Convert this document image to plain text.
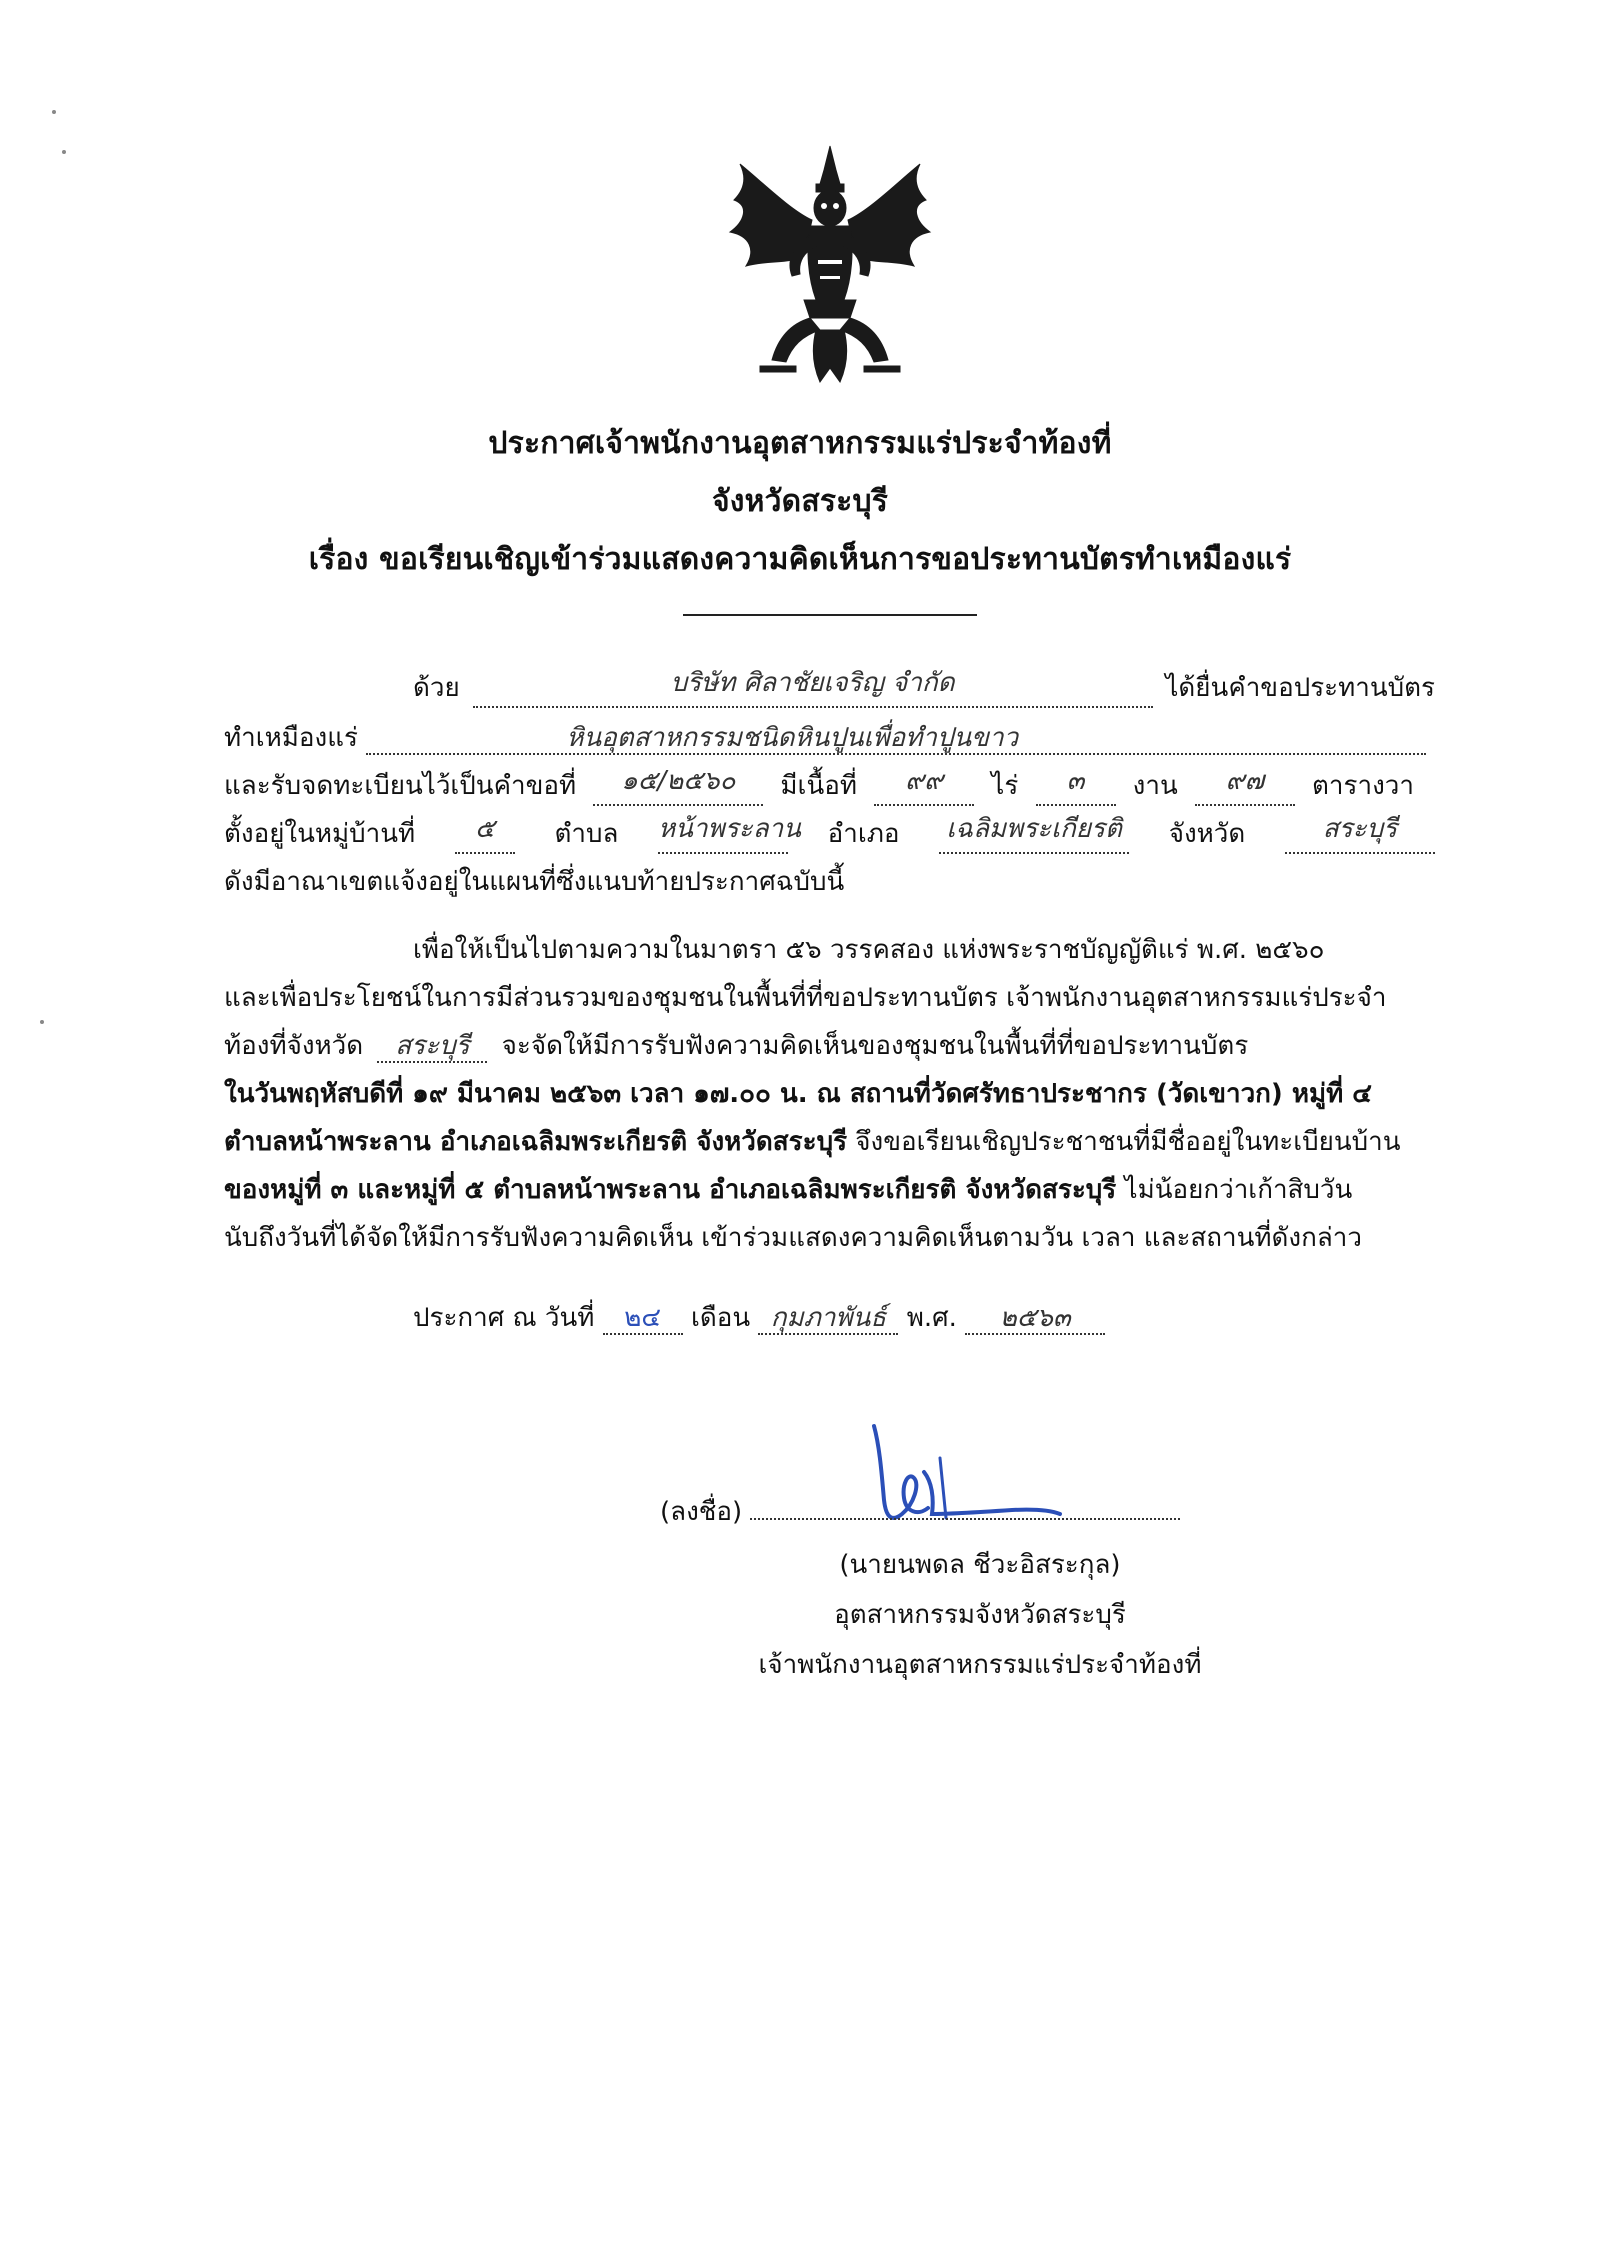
ประกาศเจ้าพนักงานอุตสาหกรรมแร่ประจำท้องที่
จังหวัดสระบุรี
เรื่อง ขอเรียนเชิญเข้าร่วมแสดงความคิดเห็นการขอประทานบัตรทำเหมืองแร่
ด้วย	บริษัท ศิลาชัยเจริญ จำกัด	ได้ยื่นคำขอประทานบัตร
ทำเหมืองแร่	หินอุตสาหกรรมชนิดหินปูนเพื่อทำปูนขาว
และรับจดทะเบียนไว้เป็นคำขอที่	๑๕/๒๕๖๐	มีเนื้อที่	๙๙	ไร่	๓	งาน	๙๗	ตารางวา
ตั้งอยู่ในหมู่บ้านที่	๕	ตำบล หน้าพระลาน อำเภอ เฉลิมพระเกียรติ จังหวัด	สระบุรี
ดังมีอาณาเขตแจ้งอยู่ในแผนที่ซึ่งแนบท้ายประกาศฉบับนี้
เพื่อให้เป็นไปตามความในมาตรา ๕๖ วรรคสอง แห่งพระราชบัญญัติแร่ พ.ศ. ๒๕๖๐
และเพื่อประโยชน์ในการมีส่วนรวมของชุมชนในพื้นที่ที่ขอประทานบัตร เจ้าพนักงานอุตสาหกรรมแร่ประจำ
ท้องที่จังหวัด สระบุรี จะจัดให้มีการรับฟังความคิดเห็นของชุมชนในพื้นที่ที่ขอประทานบัตร
ในวันพฤหัสบดีที่ ๑๙ มีนาคม ๒๕๖๓ เวลา ๑๗.๐๐ น. ณ สถานที่วัดศรัทธาประชากร (วัดเขาวก) หมู่ที่ ๔
ตำบลหน้าพระลาน อำเภอเฉลิมพระเกียรติ จังหวัดสระบุรี จึงขอเรียนเชิญประชาชนที่มีชื่ออยู่ในทะเบียนบ้าน
ของหมู่ที่ ๓ และหมู่ที่ ๕ ตำบลหน้าพระลาน อำเภอเฉลิมพระเกียรติ จังหวัดสระบุรี ไม่น้อยกว่าเก้าสิบวัน
นับถึงวันที่ได้จัดให้มีการรับฟังความคิดเห็น เข้าร่วมแสดงความคิดเห็นตามวัน เวลา และสถานที่ดังกล่าว
ประกาศ ณ วันที่ ๒๔ เดือน กุมภาพันธ์ พ.ศ. ๒๕๖๓
(ลงชื่อ)
(นายนพดล ชีวะอิสระกุล)
อุตสาหกรรมจังหวัดสระบุรี
เจ้าพนักงานอุตสาหกรรมแร่ประจำท้องที่
